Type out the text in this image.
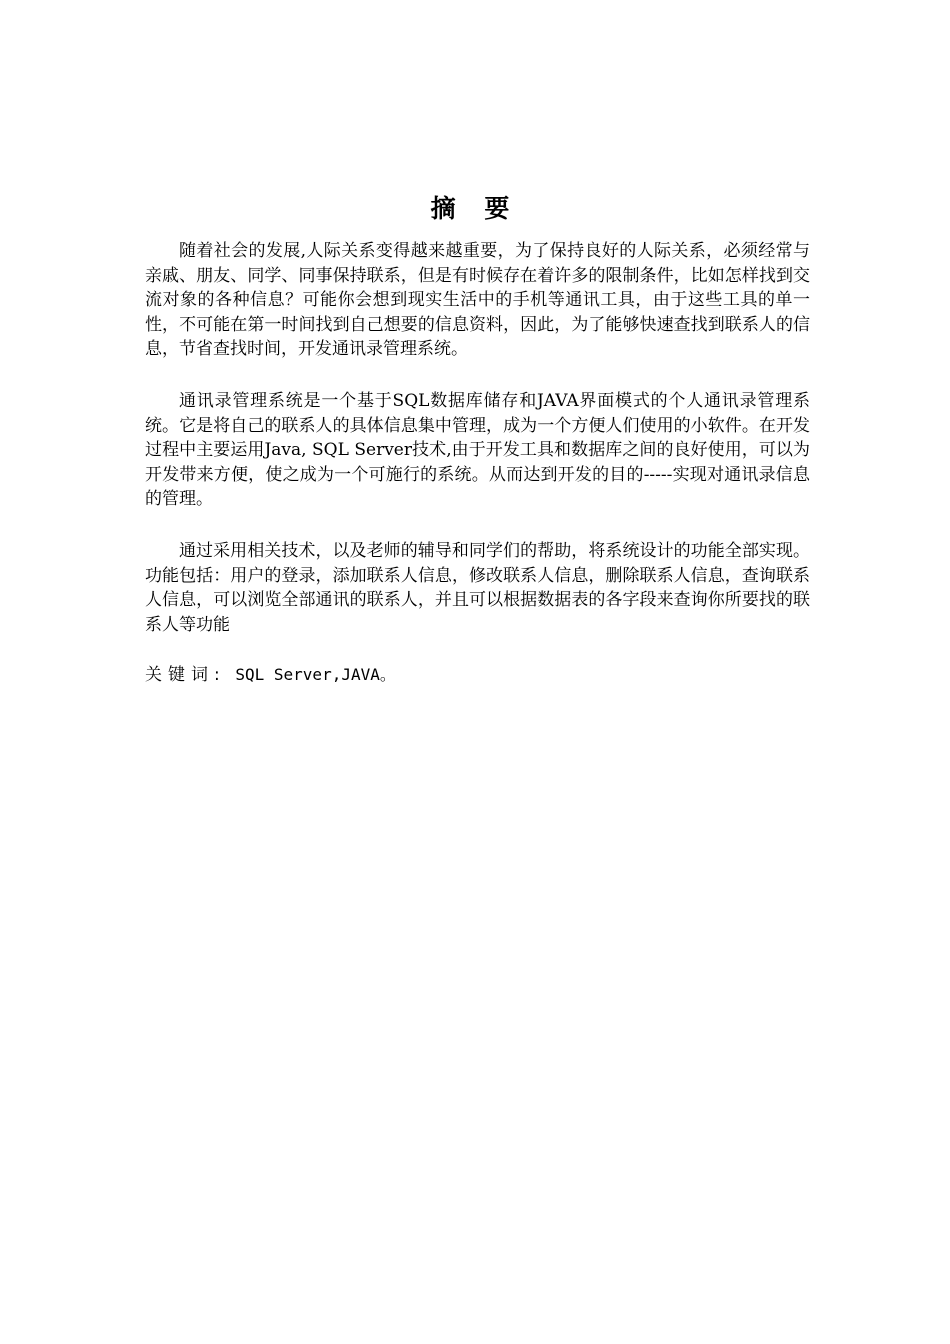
摘 要

随着社会的发展,人际关系变得越来越重要，为了保持良好的人际关系，必须经常与亲戚、朋友、同学、同事保持联系，但是有时候存在着许多的限制条件，比如怎样找到交流对象的各种信息？可能你会想到现实生活中的手机等通讯工具，由于这些工具的单一性，不可能在第一时间找到自己想要的信息资料，因此，为了能够快速查找到联系人的信息，节省查找时间，开发通讯录管理系统。

通讯录管理系统是一个基于SQL数据库储存和JAVA界面模式的个人通讯录管理系统。它是将自己的联系人的具体信息集中管理，成为一个方便人们使用的小软件。在开发过程中主要运用Java, SQL Server技术,由于开发工具和数据库之间的良好使用，可以为开发带来方便，使之成为一个可施行的系统。从而达到开发的目的-----实现对通讯录信息的管理。

通过采用相关技术，以及老师的辅导和同学们的帮助，将系统设计的功能全部实现。功能包括：用户的登录，添加联系人信息，修改联系人信息，删除联系人信息，查询联系人信息，可以浏览全部通讯的联系人，并且可以根据数据表的各字段来查询你所要找的联系人等功能

关键词: SQL Server,JAVA。
